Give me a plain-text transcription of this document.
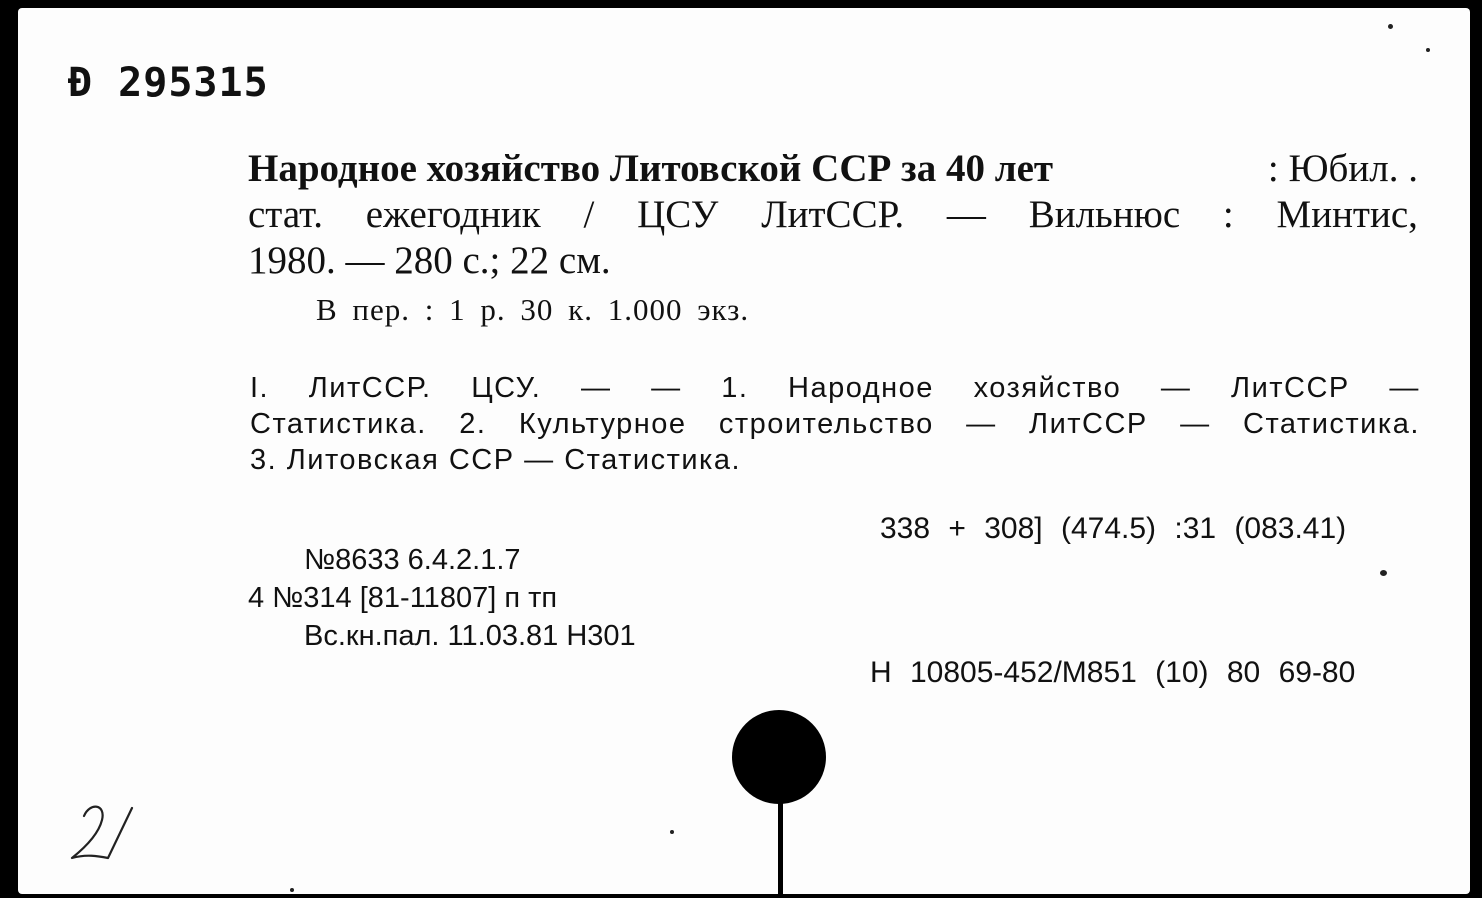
Ɖ 295315
Народное хозяйство Литовской ССР за 40 лет	: Юбил. .
стат. ежегодник / ЦСУ ЛитССР. — Вильнюс : Минтис,
1980. — 280 с.; 22 см.
В пер. : 1 р. 30 к. 1.000 экз.
I. ЛитССР. ЦСУ. — — 1. Народное хозяйство — ЛитССР —
Статистика. 2. Культурное строительство — ЛитССР — Статистика.
3. Литовская ССР — Статистика.
338 + 308] (474.5) :31 (083.41)
№8633 6.4.2.1.7
4 №314 [81-11807] п тп
Вс.кн.пал. 11.03.81 Н301
Н 10805-452/М851 (10) 80 69-80
